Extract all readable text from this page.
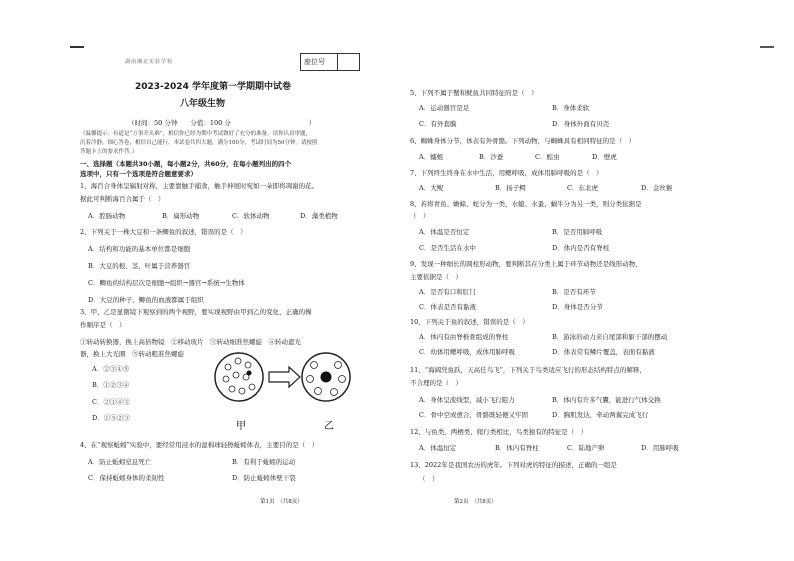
湖南湘北实验学校	座位号
2023-2024 学年度第一学期期中试卷
八年级生物
（时间：50 分钟　　分值：100 分　　　　　　　　　　　　）
（温馨提示：有道是“万事开头难”，相信你已经为期中考试做好了充分的准备，请你认真审题，
沉着冷静，细心答卷，相信自己能行。本试卷共四大题，满分100分，考试时间为50分钟。请按照
答题卡上的要求作答。）
一、选择题（本题共30小题，每小题2分，共60分，在每小题列出的四个
选项中，只有一个选项是符合题意要求）
1、海百合身体呈辐射对称，主要靠触手捕食，触手伸展时宛如一朵即将凋谢的花。
据此可判断海百合属于（　）
A．腔肠动物	B．扁形动物	C．软体动物	D．藻类植物
2、下列关于一株大豆和一条鲫鱼的叙述，错误的是（　）
A．结构和功能的基本单位都是细胞
B．大豆的根、茎、叶属于营养器官
C．鲫鱼的结构层次是细胞→组织→器官→系统→生物体
D．大豆的种子、鲫鱼的血液都属于组织
3、甲、乙是显微镜下观察到的两个视野，要实现视野由甲到乙的变化，正确的操
作顺序是（　）
①转动转换器，换上高倍物镜　②移动玻片　③转动细准焦螺旋　④转动遮光
器，换上大光圈　⑤转动粗准焦螺旋
A．②③④⑤
B．①②③④
C．②①④③
D．①⑤②③
甲	乙
4、在“观察蚯蚓”实验中，要经常用浸水的湿棉球轻擦蚯蚓体表，主要目的是（　）
A．防止蚯蚓窒息死亡	B．有利于蚯蚓的运动
C．保持蚯蚓身体的柔韧性	D．防止蚯蚓体壁干裂
第1页　（共8页）
5、下列不属于蟹和鱿鱼共同特征的是（　）
A．运动器官是足	B．身体柔软
C．有外套膜	D．身体外面有贝壳
6、蜘蛛身体分节，体表有外骨骼。下列动物，与蜘蛛具有相同特征的是（　）
A．蠕蛭	B．沙蚕	C．蝗虫	D．壁虎
7、下列终生终身在水中生活，用鳃呼吸，成体用肺呼吸的是（　）
A．大鲵	B．扬子鳄	C．东北虎	D．金丝猴
8、若将青鱼、蟾蜍、蛇分为一类，水螅、水蚤、蜗牛分为另一类，则分类依据是
（　）
A．体温是否恒定	B．是否用肺呼吸
C．是否生活在水中	D．体内是否有脊柱
9、发现一种细长的圆柱形动物，要判断其在分类上属于环节动物还是线形动物，
主要依据是（　）
A．是否有口和肛门	B．是否有环节
C．体表是否有黏液	D．身体是否分节
10、下列关于鱼的叙述，错误的是（　）
A．体内有由脊椎骨组成的脊柱	B．游泳的动力来自尾部和躯干部的摆动
C．幼体用鳃呼吸，成体用肺呼吸	D．体表常有鳞片覆盖，表面有黏液
11、“海阔凭鱼跃，天高任鸟飞”，下列关于鸟类适应飞行的形态结构特点的解释，
不合理的是（　）
A．身体呈流线型，减小飞行阻力	B．体内有许多气囊，能进行气体交换
C．骨中空或愈合，骨骼既轻便又牢固	D．胸肌发达，牵动两翼完成飞行
12、与鱼类、两栖类、爬行类相比，鸟类独有的特征是（　）
A．体温恒定	B．体内有脊柱	C．陆地产卵	D．用肺呼吸
13、2022年是我国农历的虎年。下列对虎的特征的描述，正确的一组是
（　）
第2页　（共8页）
